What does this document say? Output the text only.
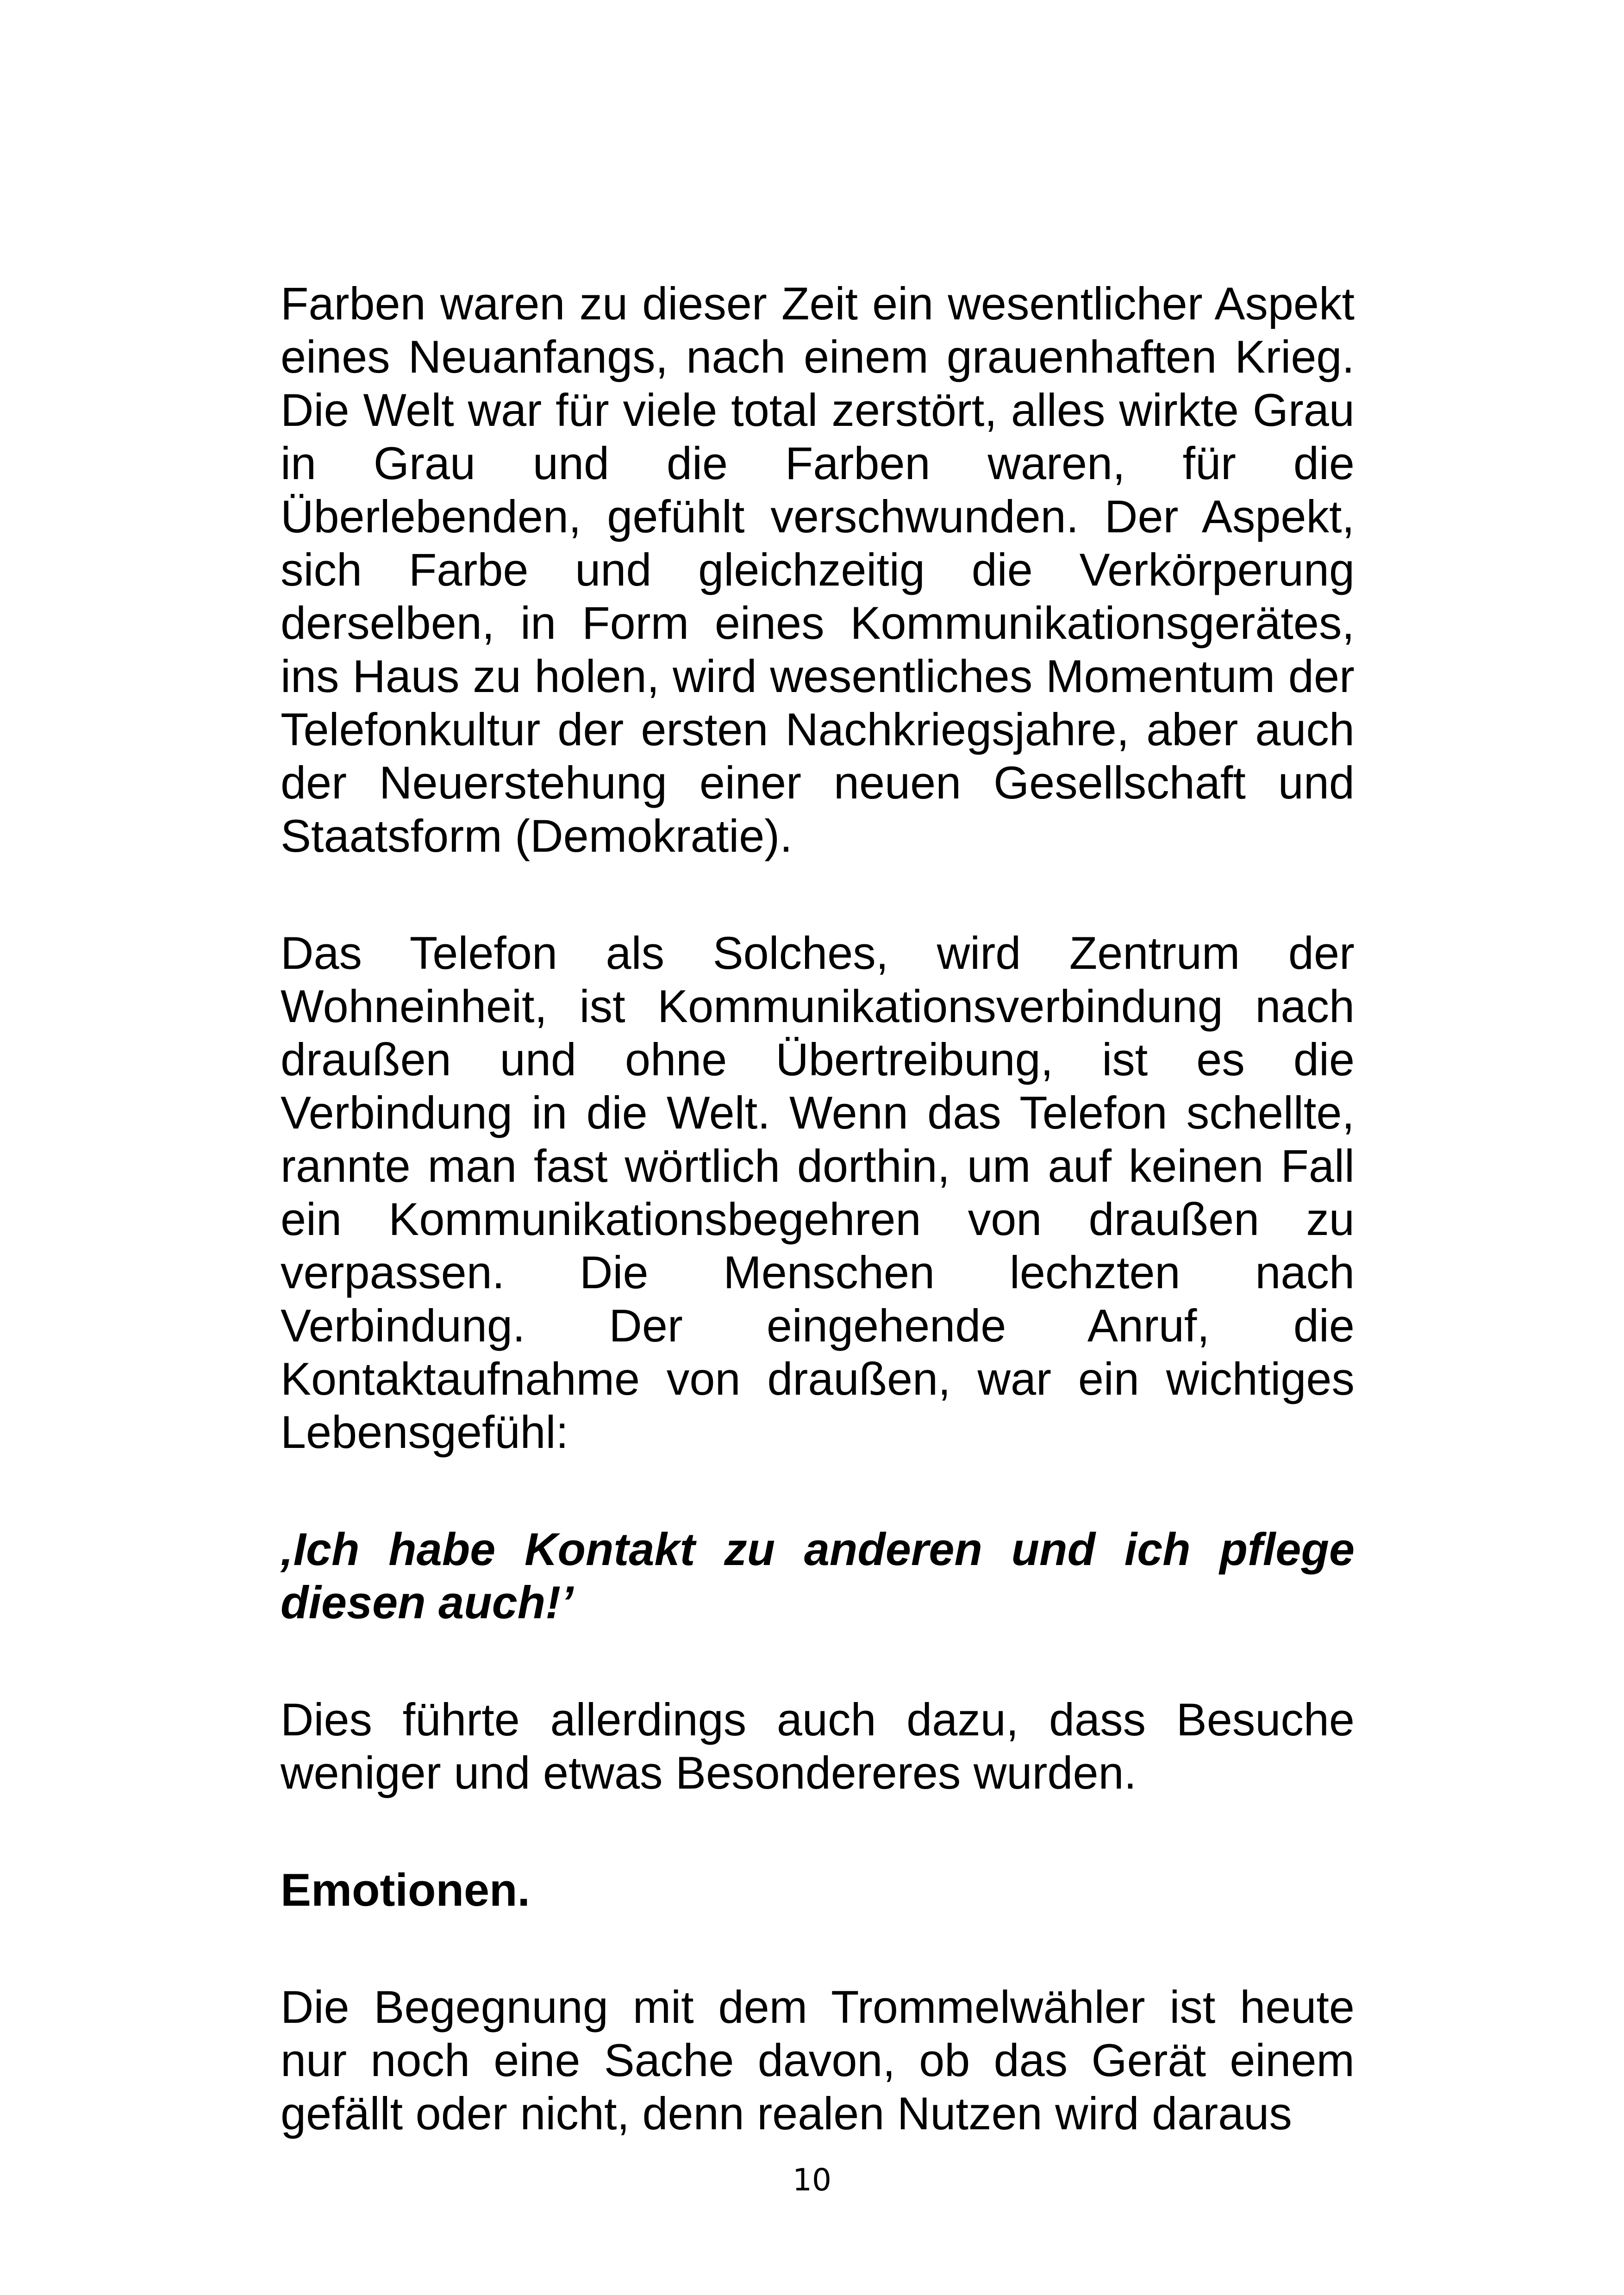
Farben waren zu dieser Zeit ein wesentlicher Aspekt eines Neuanfangs, nach einem grauenhaften Krieg. Die Welt war für viele total zerstört, alles wirkte Grau in Grau und die Farben waren, für die Überlebenden, gefühlt verschwunden. Der Aspekt, sich Farbe und gleichzeitig die Verkörperung derselben, in Form eines Kommunikationsgerätes, ins Haus zu holen, wird wesentliches Momentum der Telefonkultur der ersten Nachkriegsjahre, aber auch der Neuerstehung einer neuen Gesellschaft und Staatsform (Demokratie).

Das Telefon als Solches, wird Zentrum der Wohneinheit, ist Kommunikationsverbindung nach draußen und ohne Übertreibung, ist es die Verbindung in die Welt. Wenn das Telefon schellte, rannte man fast wörtlich dorthin, um auf keinen Fall ein Kommunikationsbegehren von draußen zu verpassen. Die Menschen lechzten nach Verbindung. Der eingehende Anruf, die Kontaktaufnahme von draußen, war ein wichtiges Lebensgefühl:

‚Ich habe Kontakt zu anderen und ich pflege diesen auch!’

Dies führte allerdings auch dazu, dass Besuche weniger und etwas Besondereres wurden.

Emotionen.

Die Begegnung mit dem Trommelwähler ist heute nur noch eine Sache davon, ob das Gerät einem gefällt oder nicht, denn realen Nutzen wird daraus

10
